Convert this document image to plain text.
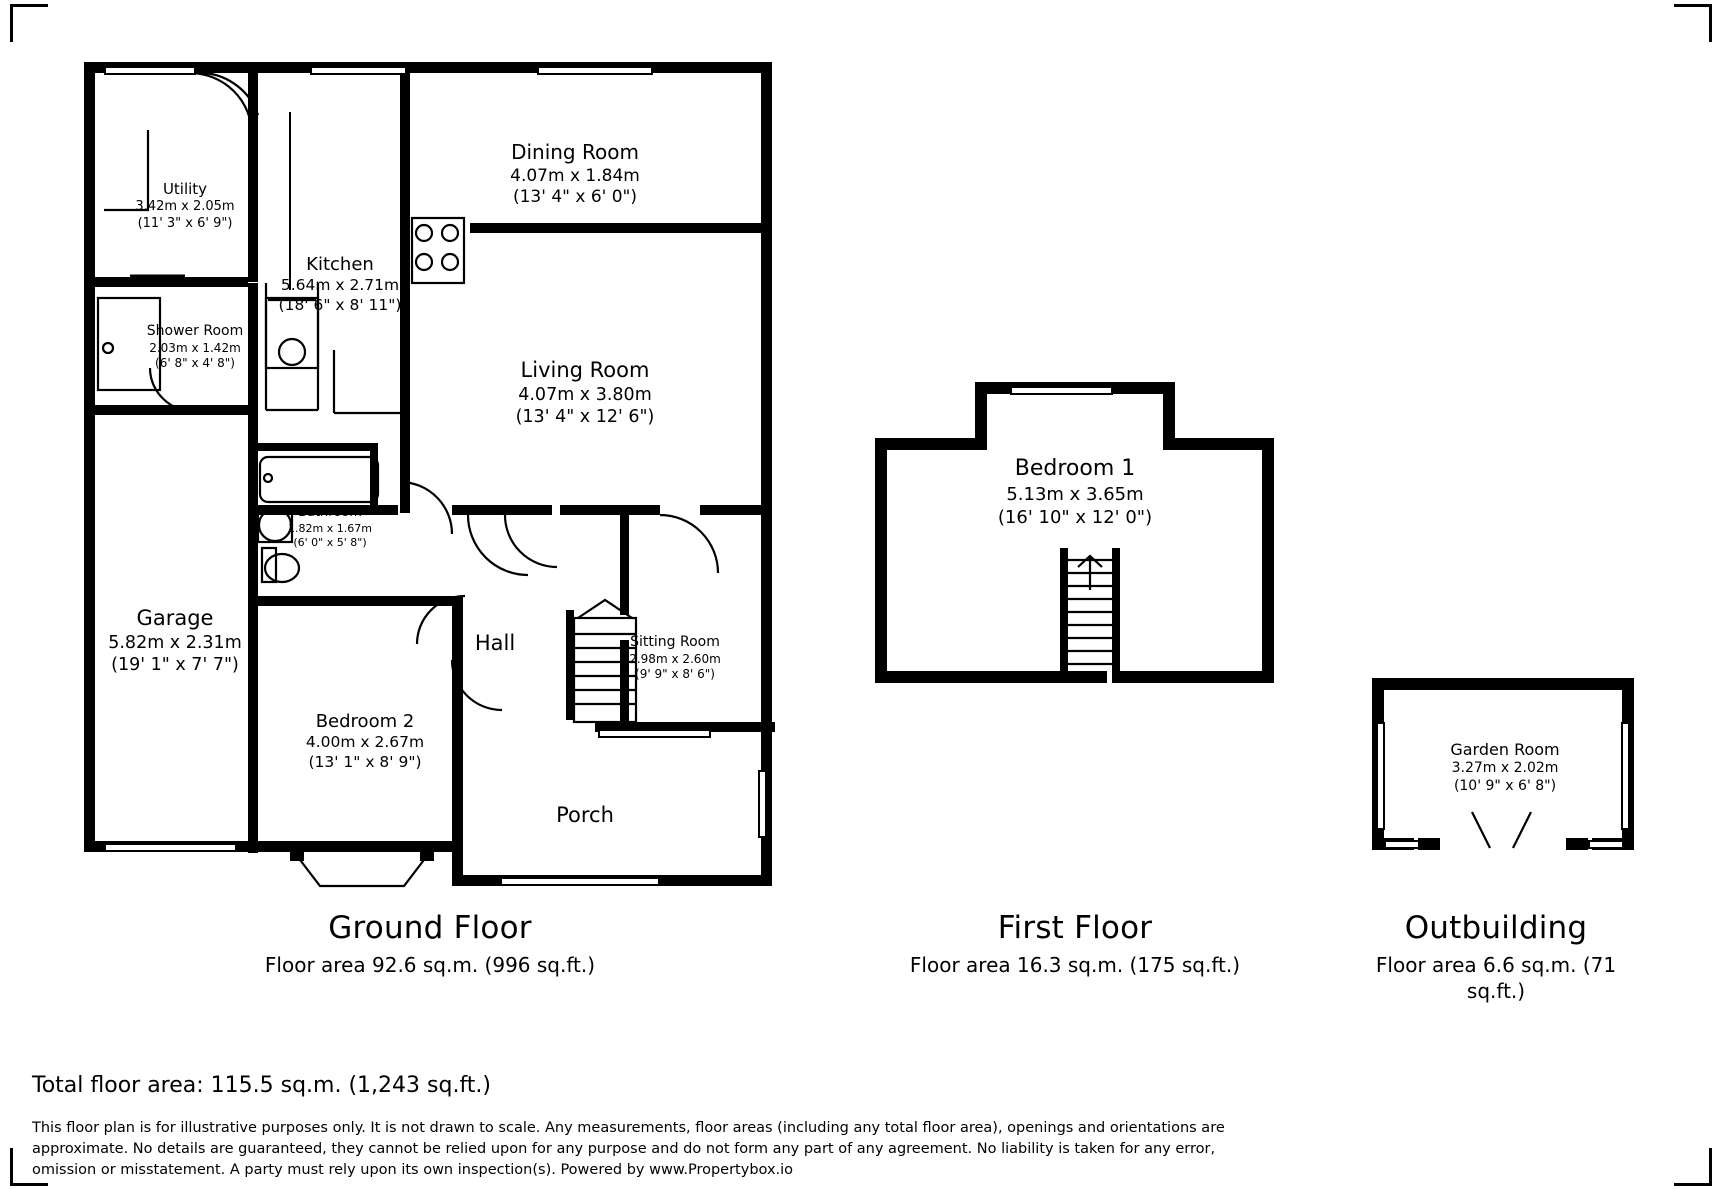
Utility
3.42m x 2.05m
(11' 3" x 6' 9")
Dining Room
4.07m x 1.84m
(13' 4" x 6' 0")
Kitchen
5.64m x 2.71m
(18' 6" x 8' 11")
Shower Room
2.03m x 1.42m
(6' 8" x 4' 8")	Living Room
4.07m x 3.80m
(13' 4" x 12' 6")
Bathroom
1.82m x 1.67m
(6' 0" x 5' 8")
Garage
5.82m x 2.31m
(19' 1" x 7' 7")
Hall	Sitting Room
2.98m x 2.60m
(9' 9" x 8' 6")
Bedroom 2
4.00m x 2.67m
(13' 1" x 8' 9")
Porch
Bedroom 1
5.13m x 3.65m
(16' 10" x 12' 0")
Garden Room
3.27m x 2.02m
(10' 9" x 6' 8")
Ground Floor
Floor area 92.6 sq.m. (996 sq.ft.)
First Floor
Floor area 16.3 sq.m. (175 sq.ft.)
Outbuilding
Floor area 6.6 sq.m. (71 sq.ft.)
Total floor area: 115.5 sq.m. (1,243 sq.ft.)
This floor plan is for illustrative purposes only. It is not drawn to scale. Any measurements, floor areas (including any total floor area), openings and orientations are approximate. No details are guaranteed, they cannot be relied upon for any purpose and do not form any part of any agreement. No liability is taken for any error, omission or misstatement. A party must rely upon its own inspection(s). Powered by www.Propertybox.io
